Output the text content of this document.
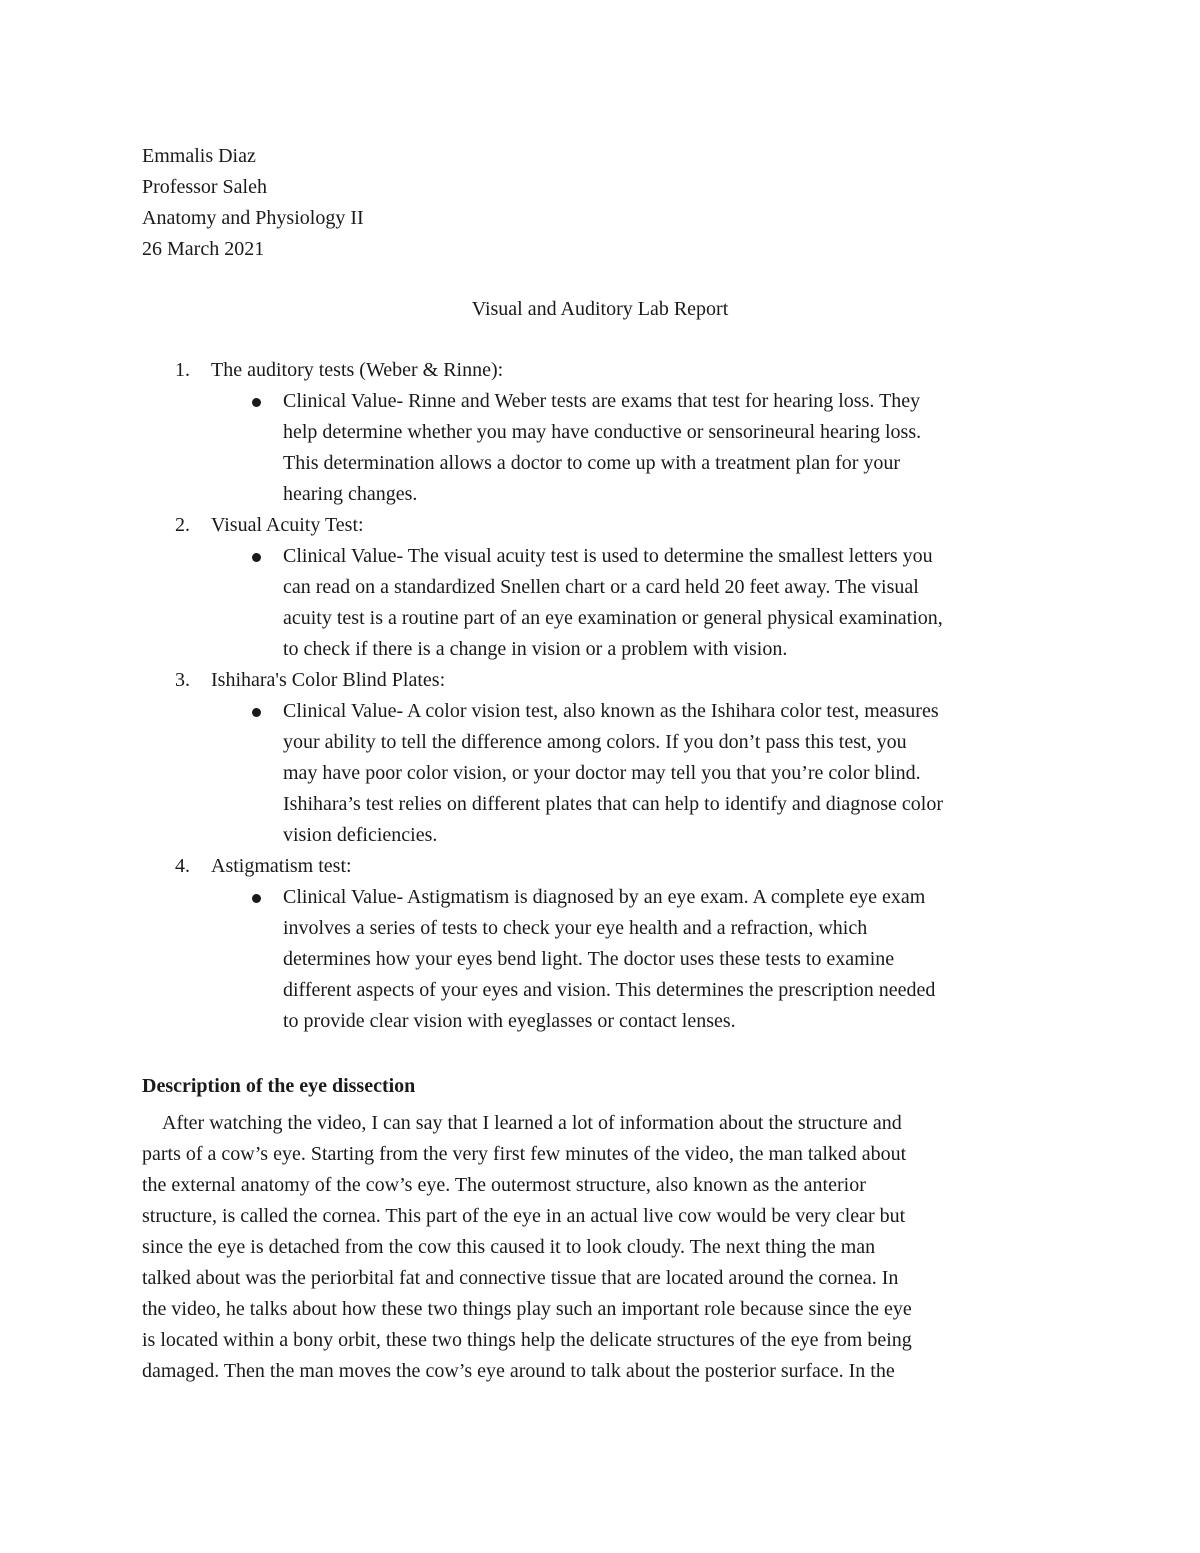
Emmalis Diaz
Professor Saleh
Anatomy and Physiology II
26 March 2021
Visual and Auditory Lab Report
1. The auditory tests (Weber & Rinne):
Clinical Value- Rinne and Weber tests are exams that test for hearing loss. They
help determine whether you may have conductive or sensorineural hearing loss.
This determination allows a doctor to come up with a treatment plan for your
hearing changes.
2. Visual Acuity Test:
Clinical Value- The visual acuity test is used to determine the smallest letters you
can read on a standardized Snellen chart or a card held 20 feet away. The visual
acuity test is a routine part of an eye examination or general physical examination,
to check if there is a change in vision or a problem with vision.
3. Ishihara's Color Blind Plates:
Clinical Value- A color vision test, also known as the Ishihara color test, measures
your ability to tell the difference among colors. If you don’t pass this test, you
may have poor color vision, or your doctor may tell you that you’re color blind.
Ishihara’s test relies on different plates that can help to identify and diagnose color
vision deficiencies.
4. Astigmatism test:
Clinical Value- Astigmatism is diagnosed by an eye exam. A complete eye exam
involves a series of tests to check your eye health and a refraction, which
determines how your eyes bend light. The doctor uses these tests to examine
different aspects of your eyes and vision. This determines the prescription needed
to provide clear vision with eyeglasses or contact lenses.
Description of the eye dissection
After watching the video, I can say that I learned a lot of information about the structure and
parts of a cow’s eye. Starting from the very first few minutes of the video, the man talked about
the external anatomy of the cow’s eye. The outermost structure, also known as the anterior
structure, is called the cornea. This part of the eye in an actual live cow would be very clear but
since the eye is detached from the cow this caused it to look cloudy. The next thing the man
talked about was the periorbital fat and connective tissue that are located around the cornea. In
the video, he talks about how these two things play such an important role because since the eye
is located within a bony orbit, these two things help the delicate structures of the eye from being
damaged. Then the man moves the cow’s eye around to talk about the posterior surface. In the
